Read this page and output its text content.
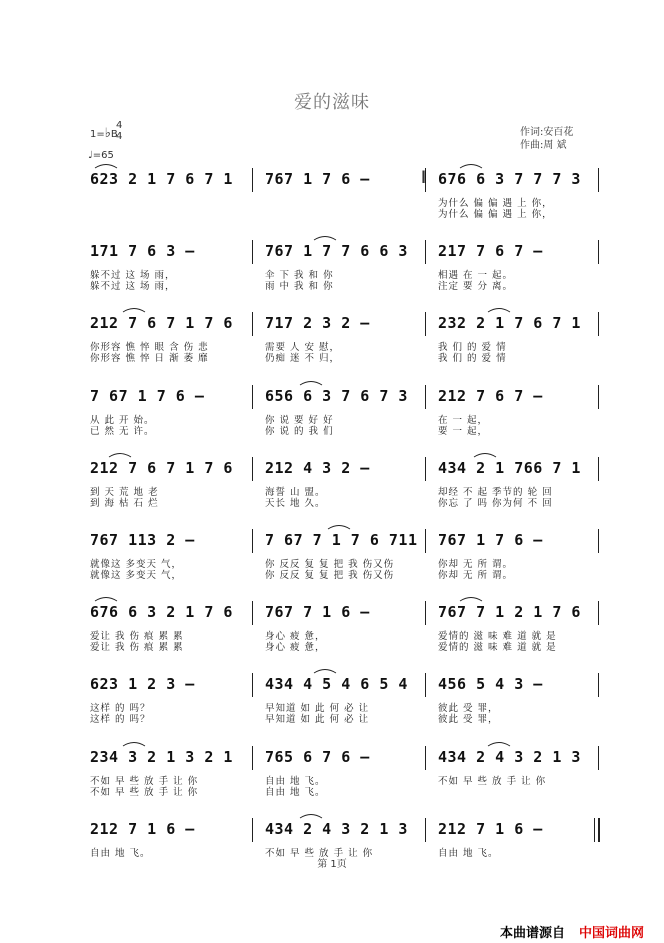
爱的滋味
1=♭B
4
4
♩=65
作词:安百花
作曲:周 斌
‖
623 2 1 7 6 7 1 767 1 7 6 –	676 6 3 7 7 7 3
为什么 偏 偏 遇 上 你，
为什么 偏 偏 遇 上 你，
171 7 6 3 –
躲不过 这 场 雨，
躲不过 这 场 雨，
767 1 7 7 6 6 3
伞 下 我 和 你
雨 中 我 和 你
217 7 6 7 –
相遇 在 一 起。
注定 要 分 离。
212 7 6 7 1 7 6
你形容 憔 悴 眼 含 伤 悲
你形容 憔 悴 日 渐 萎 靡
717 2 3 2 –
需要 人 安 慰，
仍痴 迷 不 归，
232 2 1 7 6 7 1
我 们 的 爱 情
我 们 的 爱 情
7 67 1 7 6 –
从 此 开 始。
已 然 无 许。
656 6 3 7 6 7 3
你 说 要 好 好
你 说 的 我 们
212 7 6 7 –
在 一 起，
要 一 起，
212 7 6 7 1 7 6
到 天 荒 地 老
到 海 枯 石 烂
212 4 3 2 –
海誓 山 盟。
天长 地 久。
434 2 1 766 7 1
却经 不 起 季节的 轮 回
你忘 了 吗 你为何 不 回
767 113 2 –
就像这 多变天 气，
就像这 多变天 气，
7 67 7 1 7 6 711
你 反反 复 复 把 我 伤又伤
你 反反 复 复 把 我 伤又伤
767 1 7 6 –
你却 无 所 谓。
你却 无 所 谓。
676 6 3 2 1 7 6
爱让 我 伤 痕 累 累
爱让 我 伤 痕 累 累
767 7 1 6 –
身心 疲 惫，
身心 疲 惫，
767 7 1 2 1 7 6
爱情的 滋 味 难 道 就 是
爱情的 滋 味 难 道 就 是
623 1 2 3 –
这样 的 吗？
这样 的 吗？
434 4 5 4 6 5 4
早知道 如 此 何 必 让
早知道 如 此 何 必 让
456 5 4 3 –
彼此 受 罪，
彼此 受 罪，
234 3 2 1 3 2 1
不如 早 些 放 手 让 你
不如 早 些 放 手 让 你
765 6 7 6 –
自由 地 飞。
自由 地 飞。
434 2 4 3 2 1 3
不如 早 些 放 手 让 你
212 7 1 6 –
自由 地 飞。
434 2 4 3 2 1 3
不如 早 些 放 手 让 你
212 7 1 6 –
自由 地 飞。
第 1页
本曲谱源自 中国词曲网
